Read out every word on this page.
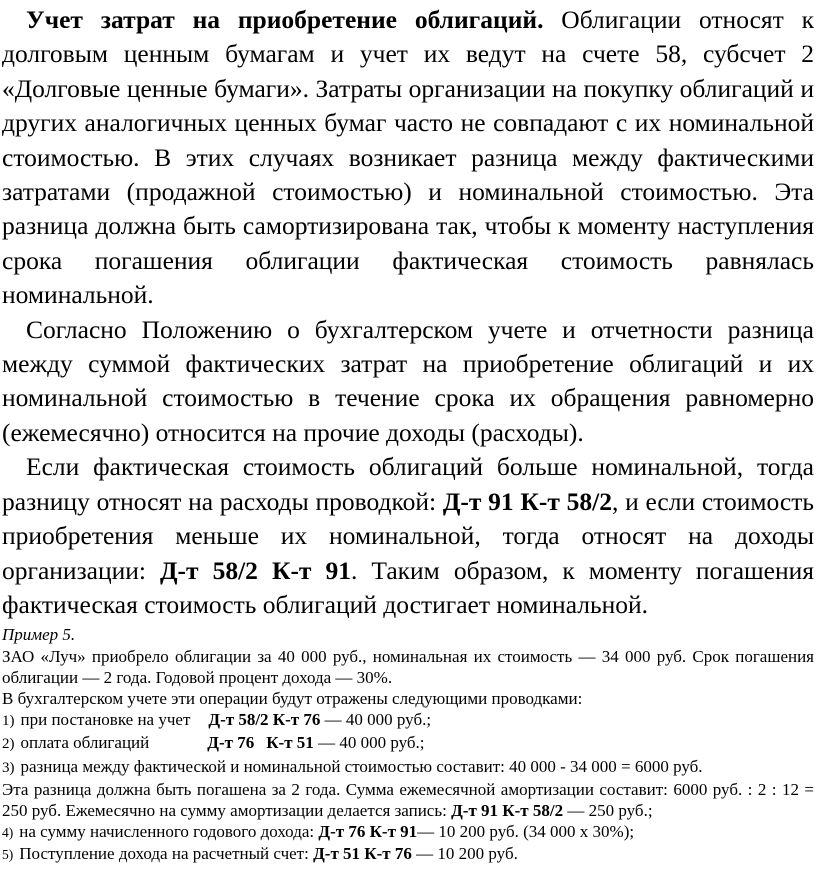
Учет затрат на приобретение облигаций. Облигации относят к долговым ценным бумагам и учет их ведут на счете 58, субсчет 2 «Долговые ценные бумаги». Затраты организации на покупку облигаций и других аналогичных ценных бумаг часто не совпадают с их номинальной стоимостью. В этих случаях возникает разница между фактическими затратами (продажной стоимостью) и номинальной стоимостью. Эта разница должна быть самортизирована так, чтобы к моменту наступления срока погашения облигации фактическая стоимость равнялась номинальной.

Согласно Положению о бухгалтерском учете и отчетности разница между суммой фактических затрат на приобретение облигаций и их номинальной стоимостью в течение срока их обращения равномерно (ежемесячно) относится на прочие доходы (расходы).

Если фактическая стоимость облигаций больше номинальной, тогда разницу относят на расходы проводкой: Д-т 91 К-т 58/2, и если стоимость приобретения меньше их номинальной, тогда относят на доходы организации: Д-т 58/2 К-т 91. Таким образом, к моменту погашения фактическая стоимость облигаций достигает номинальной.

Пример 5.
ЗАО «Луч» приобрело облигации за 40 000 руб., номинальная их стоимость — 34 000 руб. Срок погашения облигации — 2 года. Годовой процент дохода — 30%.
В бухгалтерском учете эти операции будут отражены следующими проводками:
1) при постановке на учет Д-т 58/2 К-т 76 — 40 000 руб.;
2) оплата облигаций	Д-т 76 К-т 51 — 40 000 руб.;
3) разница между фактической и номинальной стоимостью составит: 40 000 - 34 000 = 6000 руб.
Эта разница должна быть погашена за 2 года. Сумма ежемесячной амортизации составит: 6000 руб. : 2 : 12 = 250 руб. Ежемесячно на сумму амортизации делается запись: Д-т 91 К-т 58/2 — 250 руб.;
4) на сумму начисленного годового дохода: Д-т 76 К-т 91— 10 200 руб. (34 000 х 30%);
5) Поступление дохода на расчетный счет: Д-т 51 К-т 76 — 10 200 руб.
